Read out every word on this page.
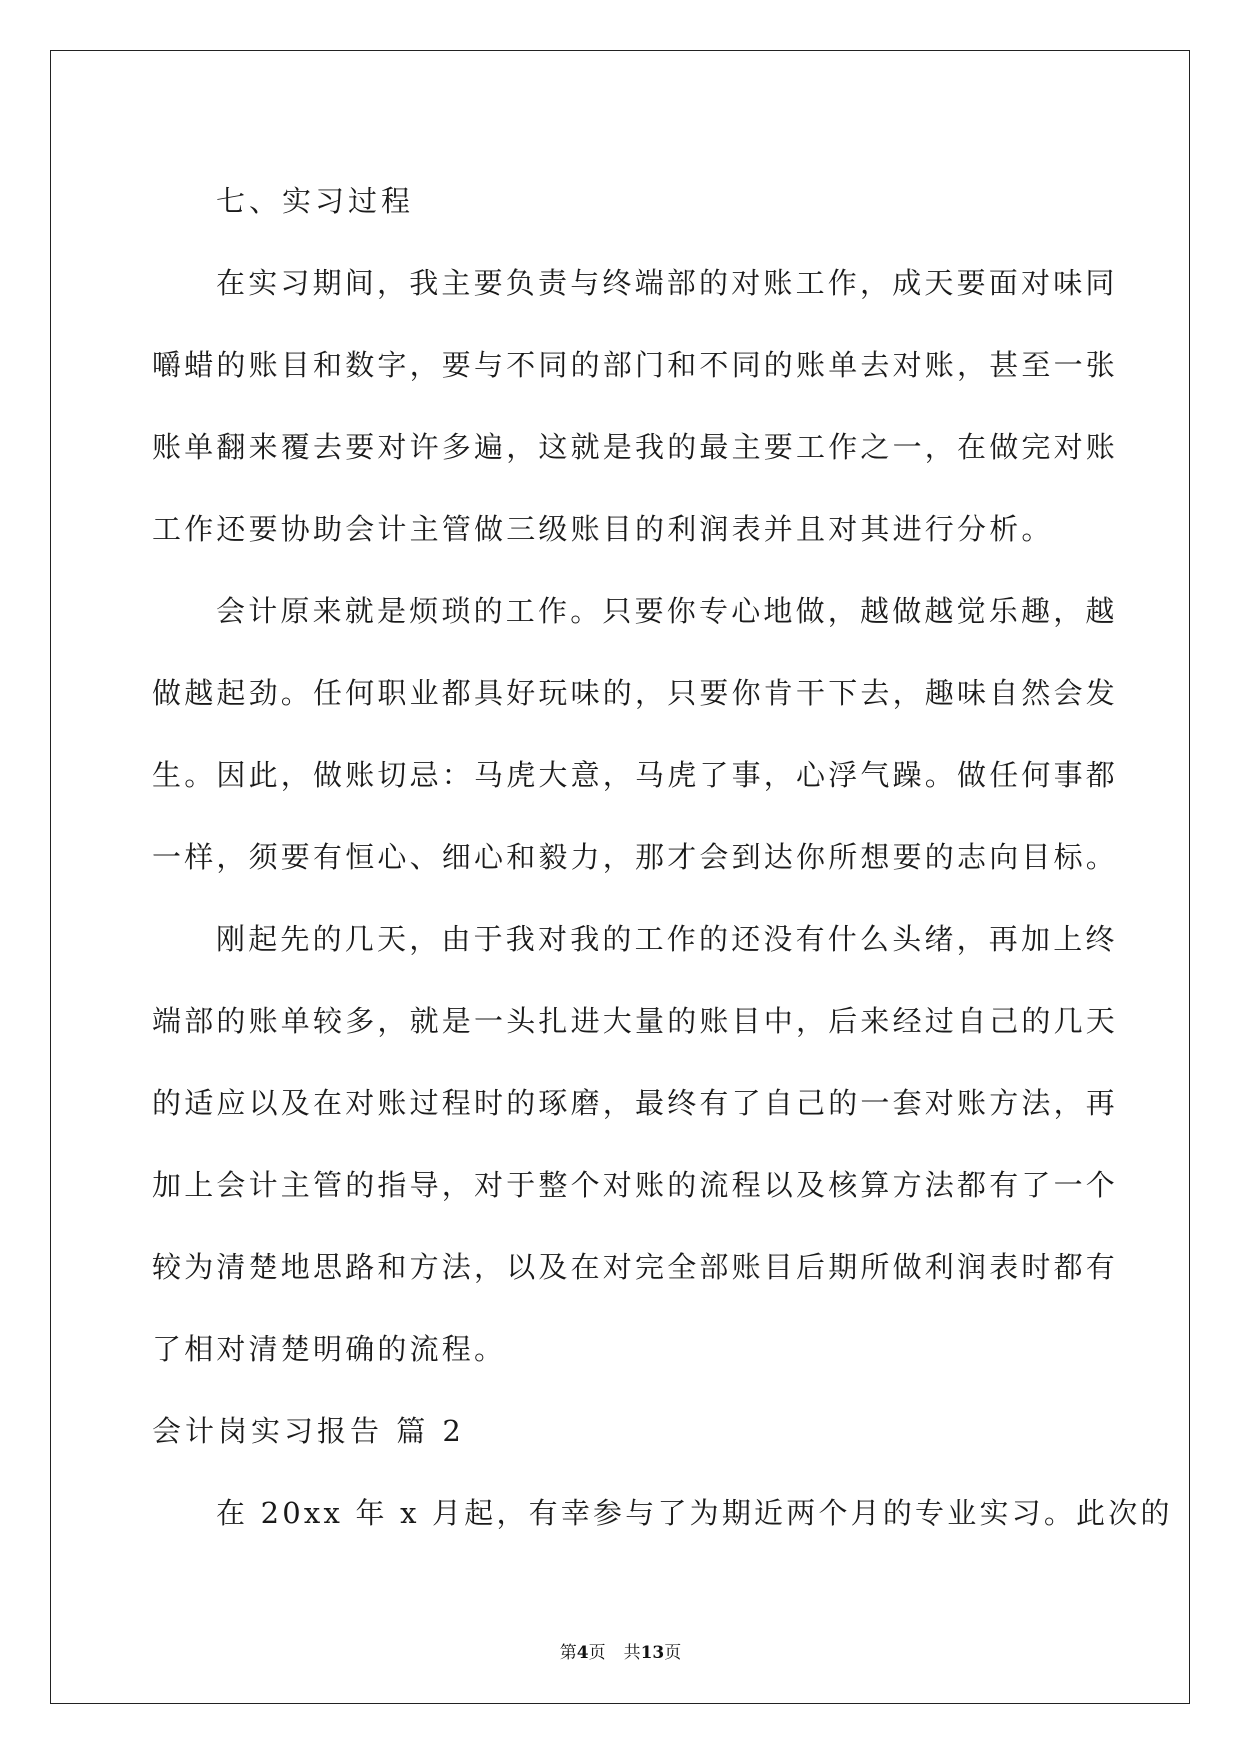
七、实习过程
在实习期间，我主要负责与终端部的对账工作，成天要面对味同
嚼蜡的账目和数字，要与不同的部门和不同的账单去对账，甚至一张
账单翻来覆去要对许多遍，这就是我的最主要工作之一，在做完对账
工作还要协助会计主管做三级账目的利润表并且对其进行分析。
会计原来就是烦琐的工作。只要你专心地做，越做越觉乐趣，越
做越起劲。任何职业都具好玩味的，只要你肯干下去，趣味自然会发
生。因此，做账切忌：马虎大意，马虎了事，心浮气躁。做任何事都
一样，须要有恒心、细心和毅力，那才会到达你所想要的志向目标。
刚起先的几天，由于我对我的工作的还没有什么头绪，再加上终
端部的账单较多，就是一头扎进大量的账目中，后来经过自己的几天
的适应以及在对账过程时的琢磨，最终有了自己的一套对账方法，再
加上会计主管的指导，对于整个对账的流程以及核算方法都有了一个
较为清楚地思路和方法，以及在对完全部账目后期所做利润表时都有
了相对清楚明确的流程。
会计岗实习报告 篇 2
在 20xx 年 x 月起，有幸参与了为期近两个月的专业实习。此次的
第4页 共13页
